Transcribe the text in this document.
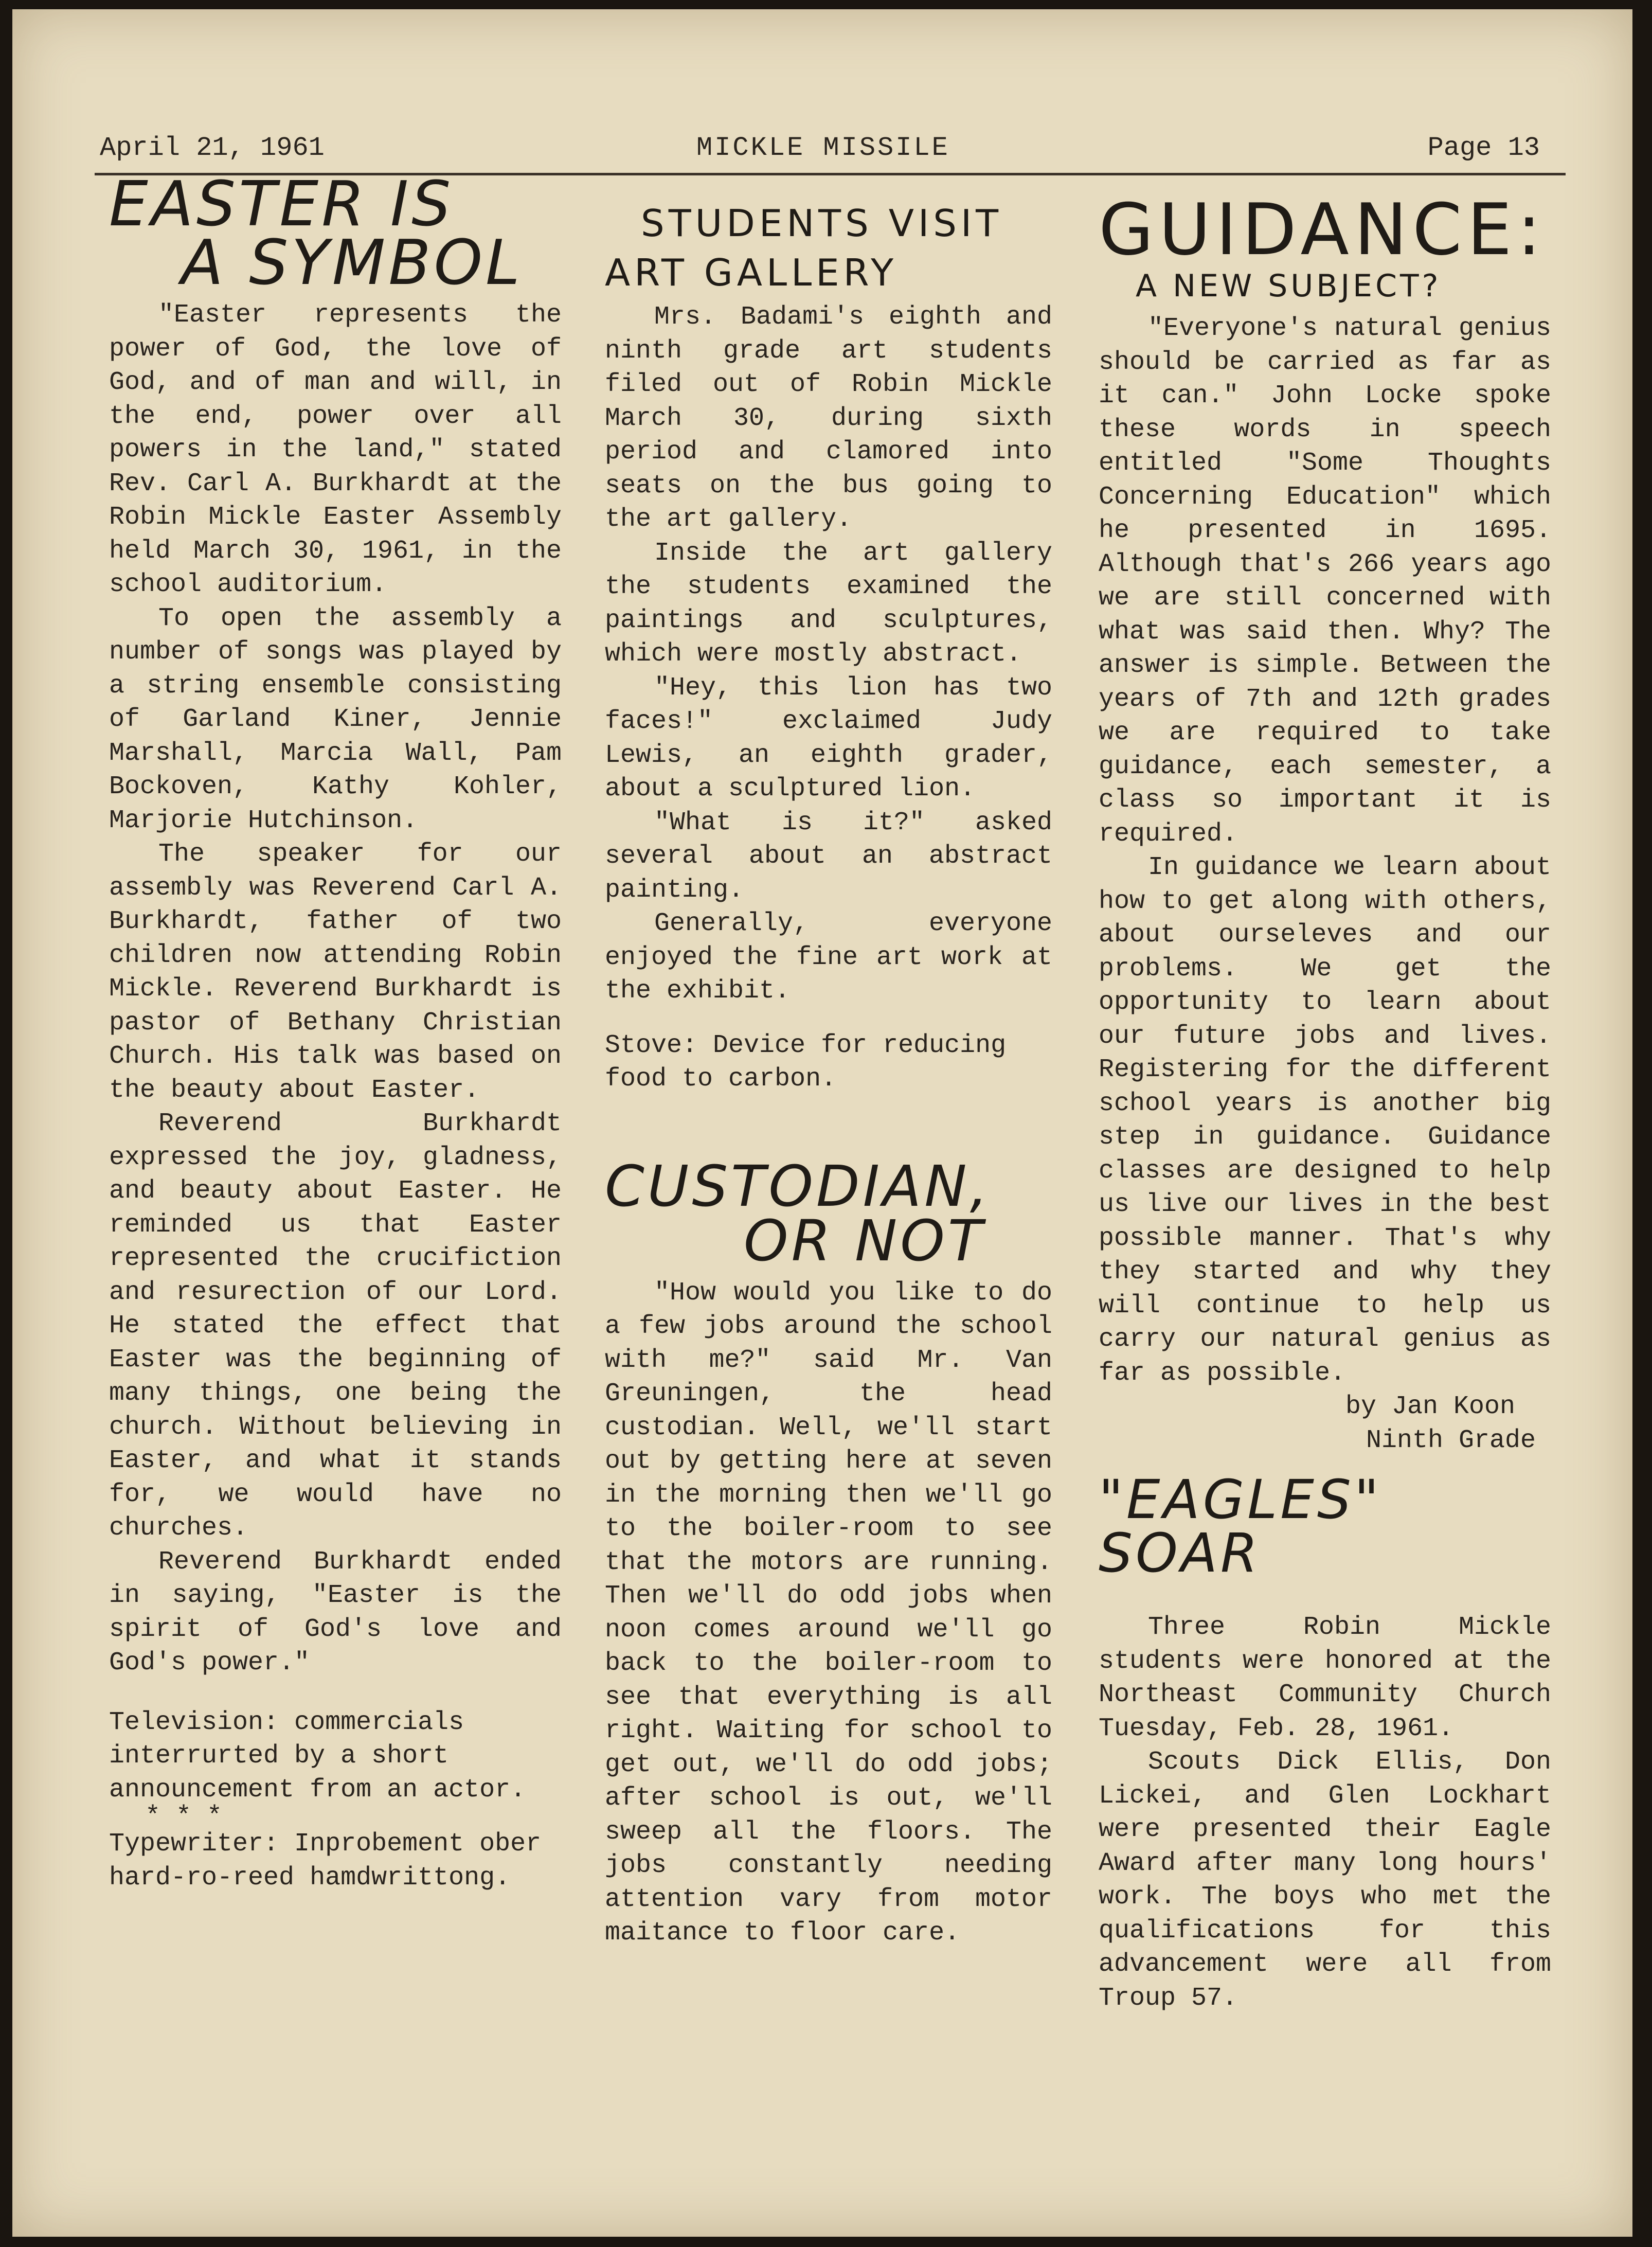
April 21, 1961	MICKLE MISSILE	Page 13
EASTER IS
A SYMBOL

"Easter represents the power of God, the love of God, and of man and will, in the end, power over all powers in the land," stated Rev. Carl A. Burkhardt at the Robin Mickle Easter Assembly held March 30, 1961, in the school auditorium.

To open the assembly a number of songs was played by a string ensemble consisting of Garland Kiner, Jennie Marshall, Marcia Wall, Pam Bockoven, Kathy Kohler, Marjorie Hutchinson.

The speaker for our assembly was Reverend Carl A. Burkhardt, father of two children now attending Robin Mickle. Reverend Burkhardt is pastor of Bethany Christian Church. His talk was based on the beauty about Easter.

Reverend Burkhardt expressed the joy, gladness, and beauty about Easter. He reminded us that Easter represented the crucifiction and resurection of our Lord. He stated the effect that Easter was the beginning of many things, one being the church. Without believing in Easter, and what it stands for, we would have no churches.

Reverend Burkhardt ended in saying, "Easter is the spirit of God's love and God's power."

Television: commercials interrurted by a short announcement from an actor.

* * *

Typewriter: Inprobement ober hard-ro-reed hamdwrittong.

STUDENTS VISIT
ART GALLERY

Mrs. Badami's eighth and ninth grade art students filed out of Robin Mickle March 30, during sixth period and clamored into seats on the bus going to the art gallery.

Inside the art gallery the students examined the paintings and sculptures, which were mostly abstract.

"Hey, this lion has two faces!" exclaimed Judy Lewis, an eighth grader, about a sculptured lion.

"What is it?" asked several about an abstract painting.

Generally, everyone enjoyed the fine art work at the exhibit.

Stove: Device for reducing food to carbon.

CUSTODIAN,
OR NOT

"How would you like to do a few jobs around the school with me?" said Mr. Van Greuningen, the head custodian. Well, we'll start out by getting here at seven in the morning then we'll go to the boiler-room to see that the motors are running. Then we'll do odd jobs when noon comes around we'll go back to the boiler-room to see that everything is all right. Waiting for school to get out, we'll do odd jobs; after school is out, we'll sweep all the floors. The jobs constantly needing attention vary from motor maitance to floor care.

GUIDANCE:
A NEW SUBJECT?

"Everyone's natural genius should be carried as far as it can." John Locke spoke these words in speech entitled "Some Thoughts Concerning Education" which he presented in 1695. Although that's 266 years ago we are still concerned with what was said then. Why? The answer is simple. Between the years of 7th and 12th grades we are required to take guidance, each semester, a class so important it is required.

In guidance we learn about how to get along with others, about ourseleves and our problems. We get the opportunity to learn about our future jobs and lives. Registering for the different school years is another big step in guidance. Guidance classes are designed to help us live our lives in the best possible manner. That's why they started and why they will continue to help us carry our natural genius as far as possible.

by Jan Koon

Ninth Grade

"EAGLES" SOAR

Three Robin Mickle students were honored at the Northeast Community Church Tuesday, Feb. 28, 1961.

Scouts Dick Ellis, Don Lickei, and Glen Lockhart were presented their Eagle Award after many long hours' work. The boys who met the qualifications for this advancement were all from Troup 57.
